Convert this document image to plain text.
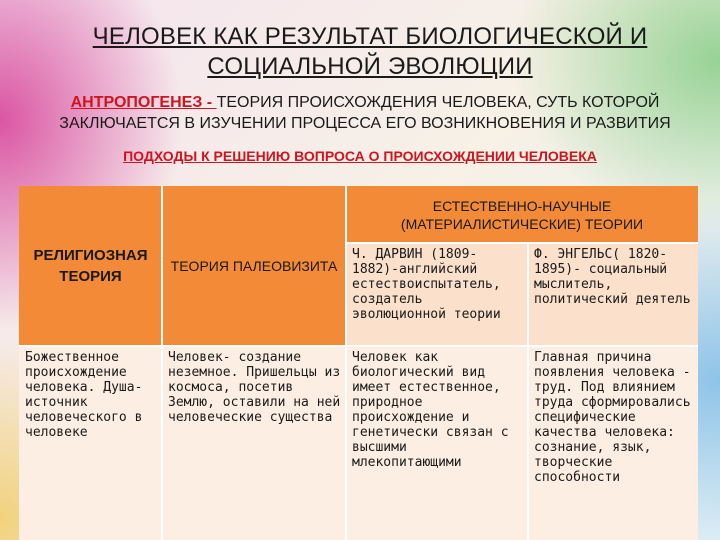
ЧЕЛОВЕК КАК РЕЗУЛЬТАТ БИОЛОГИЧЕСКОЙ И СОЦИАЛЬНОЙ ЭВОЛЮЦИИ
АНТРОПОГЕНЕЗ - ТЕОРИЯ ПРОИСХОЖДЕНИЯ ЧЕЛОВЕКА, СУТЬ КОТОРОЙ ЗАКЛЮЧАЕТСЯ В ИЗУЧЕНИИ ПРОЦЕССА ЕГО ВОЗНИКНОВЕНИЯ И РАЗВИТИЯ
ПОДХОДЫ К РЕШЕНИЮ ВОПРОСА О ПРОИСХОЖДЕНИИ ЧЕЛОВЕКА
РЕЛИГИОЗНАЯ ТЕОРИЯ
ТЕОРИЯ ПАЛЕОВИЗИТА
ЕСТЕСТВЕННО-НАУЧНЫЕ (МАТЕРИАЛИСТИЧЕСКИЕ) ТЕОРИИ
Ч. ДАРВИН (1809-1882)-английский естествоиспытатель, создатель эволюционной теории
Ф. ЭНГЕЛЬС( 1820-1895)- социальный мыслитель, политический деятель
Божественное происхождение человека. Душа- источник человеческого в человеке
Человек- создание неземное. Пришельцы из космоса, посетив Землю, оставили на ней человеческие существа
Человек как биологический вид имеет естественное, природное происхождение и генетически связан с высшими млекопитающими
Главная причина появления человека - труд. Под влиянием труда сформировались специфические качества человека: сознание, язык, творческие способности
